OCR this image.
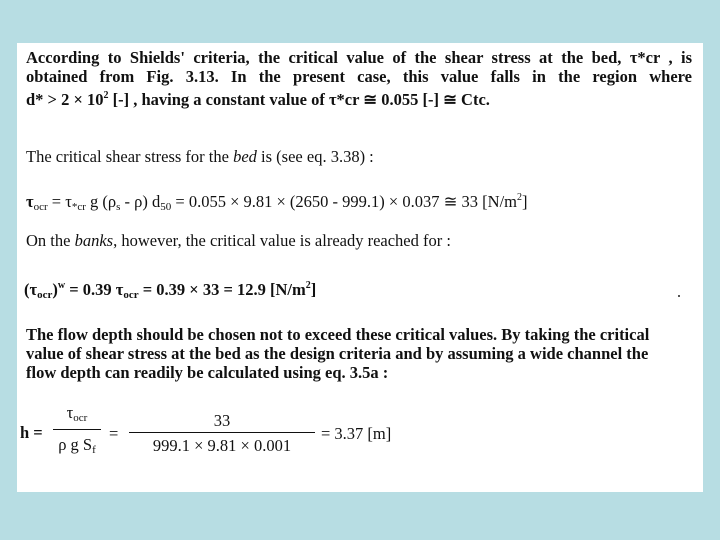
According to Shields' criteria, the critical value of the shear stress at the bed, τ*cr , is
obtained from Fig. 3.13. In the present case, this value falls in the region where
$d* > 2 \times 10^2$ [-] , having a constant value of τ*cr ≅ 0.055 [-] ≅ Ctc.

The critical shear stress for the bed is (see eq. 3.38) :

$\tau_{ocr} = \tau_{*cr}$ g $(\rho_s - \rho) d_{50} = 0.055 \times 9.81 \times (2650 - 999.1) \times 0.037$ ≅ 33 $[N/m^2]$

On the banks, however, the critical value is already reached for :

$(\tau_{ocr})^w = 0.39$ $\tau_{ocr} = 0.39 \times 33 = 12.9$ $[N/m^2]$

The flow depth should be chosen not to exceed these critical values. By taking the critical
value of shear stress at the bed as the design criteria and by assuming a wide channel the
flow depth can readily be calculated using eq. 3.5a :

h =

$\tau_{ocr}$
ρ g $S_f$

=

33
999.1 × 9.81 × 0.001

= 3.37 [m]
